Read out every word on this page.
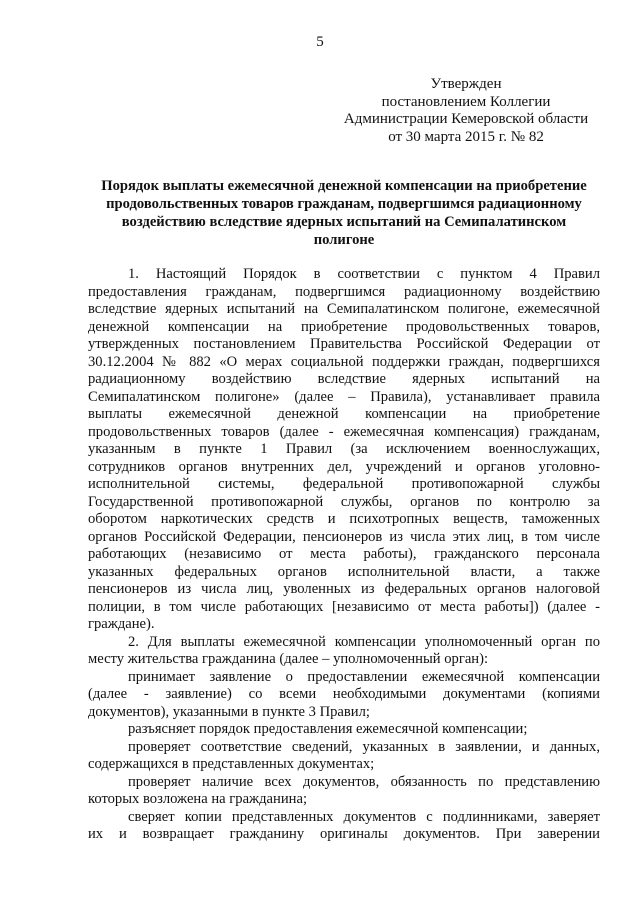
5
Утвержден
постановлением Коллегии
Администрации Кемеровской области
от 30 марта 2015 г. № 82
Порядок выплаты ежемесячной денежной компенсации на приобретение
продовольственных товаров гражданам, подвергшимся радиационному
воздействию вследствие ядерных испытаний на Семипалатинском
полигоне
1. Настоящий Порядок в соответствии с пунктом 4 Правил
предоставления гражданам, подвергшимся радиационному воздействию
вследствие ядерных испытаний на Семипалатинском полигоне, ежемесячной
денежной компенсации на приобретение продовольственных товаров,
утвержденных постановлением Правительства Российской Федерации от
30.12.2004 № 882 «О мерах социальной поддержки граждан, подвергшихся
радиационному воздействию вследствие ядерных испытаний на
Семипалатинском полигоне» (далее – Правила), устанавливает правила
выплаты ежемесячной денежной компенсации на приобретение
продовольственных товаров (далее - ежемесячная компенсация) гражданам,
указанным в пункте 1 Правил (за исключением военнослужащих,
сотрудников органов внутренних дел, учреждений и органов уголовно-
исполнительной системы, федеральной противопожарной службы
Государственной противопожарной службы, органов по контролю за
оборотом наркотических средств и психотропных веществ, таможенных
органов Российской Федерации, пенсионеров из числа этих лиц, в том числе
работающих (независимо от места работы), гражданского персонала
указанных федеральных органов исполнительной власти, а также
пенсионеров из числа лиц, уволенных из федеральных органов налоговой
полиции, в том числе работающих [независимо от места работы]) (далее -
граждане).
2. Для выплаты ежемесячной компенсации уполномоченный орган по
месту жительства гражданина (далее – уполномоченный орган):
принимает заявление о предоставлении ежемесячной компенсации
(далее - заявление) со всеми необходимыми документами (копиями
документов), указанными в пункте 3 Правил;
разъясняет порядок предоставления ежемесячной компенсации;
проверяет соответствие сведений, указанных в заявлении, и данных,
содержащихся в представленных документах;
проверяет наличие всех документов, обязанность по представлению
которых возложена на гражданина;
сверяет копии представленных документов с подлинниками, заверяет
их и возвращает гражданину оригиналы документов. При заверении
